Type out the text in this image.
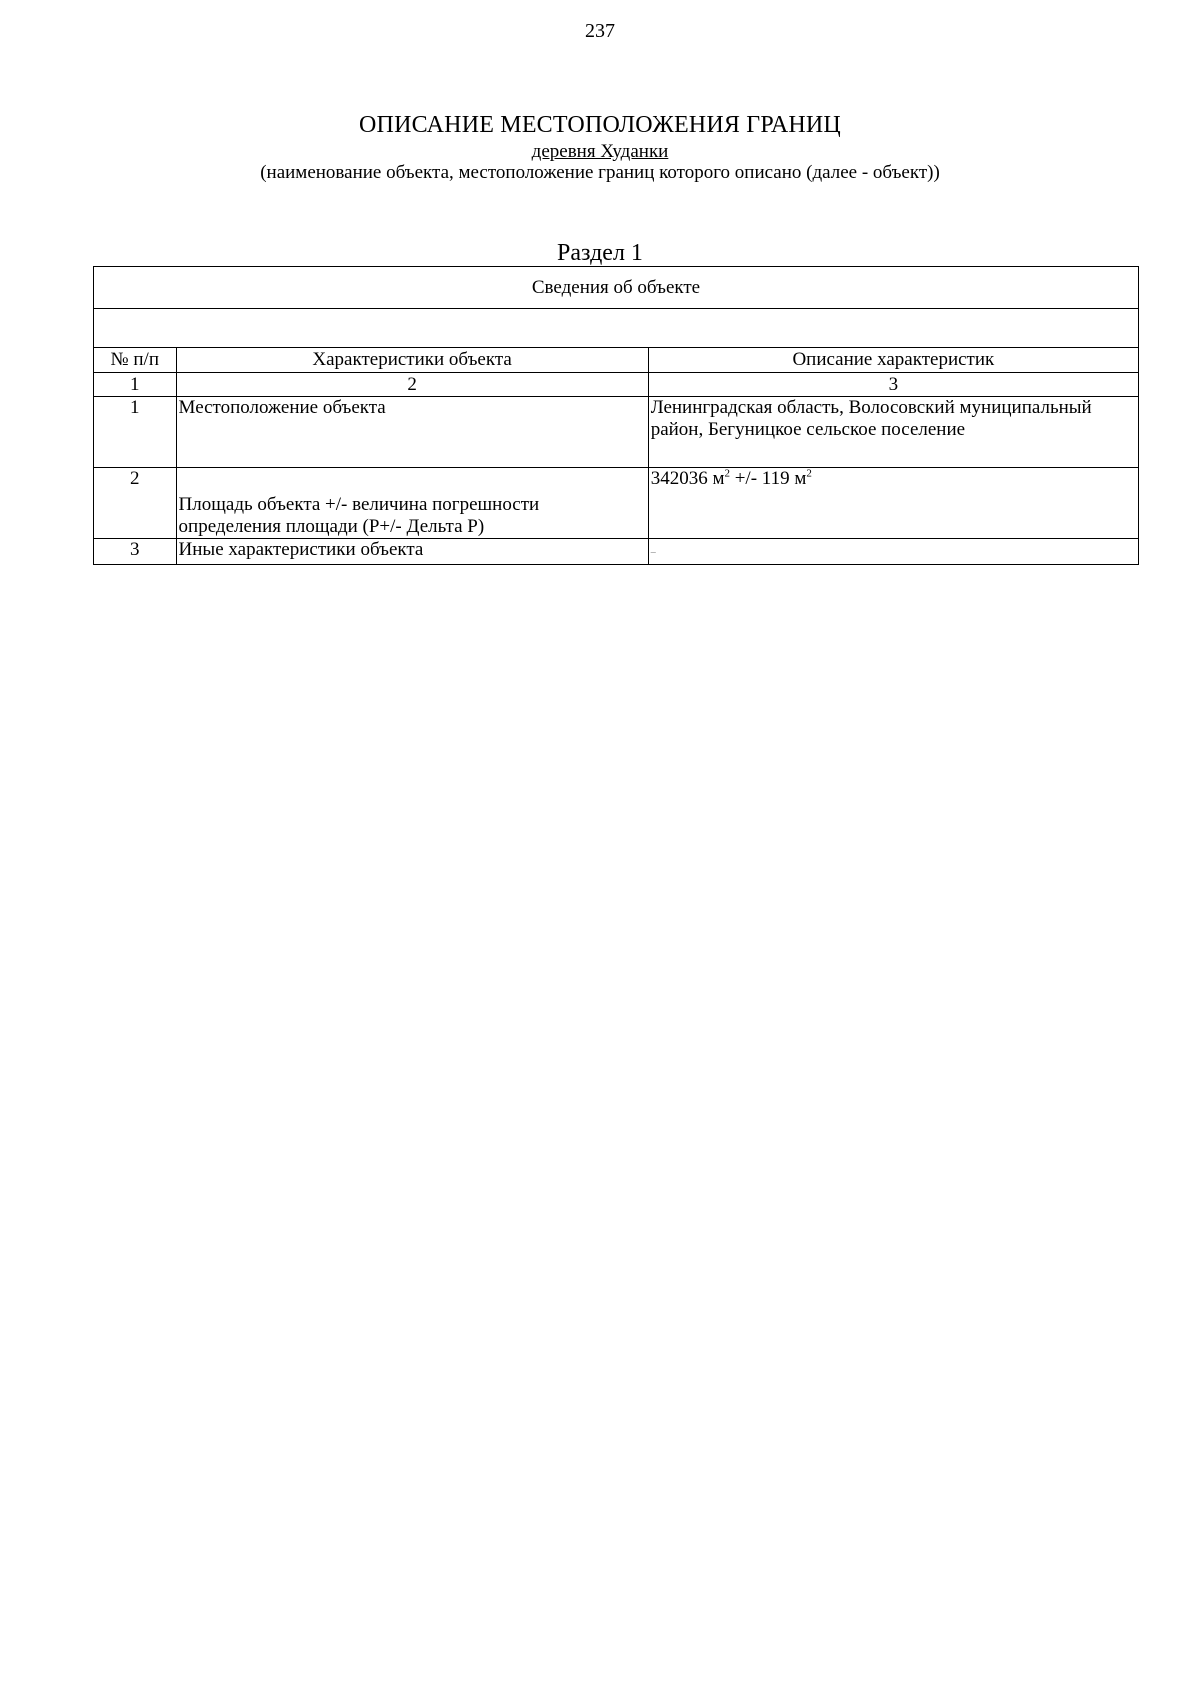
237
ОПИСАНИЕ МЕСТОПОЛОЖЕНИЯ ГРАНИЦ
деревня Худанки
(наименование объекта, местоположение границ которого описано (далее - объект))
Раздел 1
Сведения об объекте		

№ п/п	Характеристики объекта	Описание характеристик
1	2	3
1	Местоположение объекта	Ленинградская область, Волосовский муниципальный район, Бегуницкое сельское поселение
2	Площадь объекта +/- величина погрешности определения площади (Р+/- Дельта Р)	342036 $м^2$ +/- 119 $м^2$
3	Иные характеристики объекта	–
